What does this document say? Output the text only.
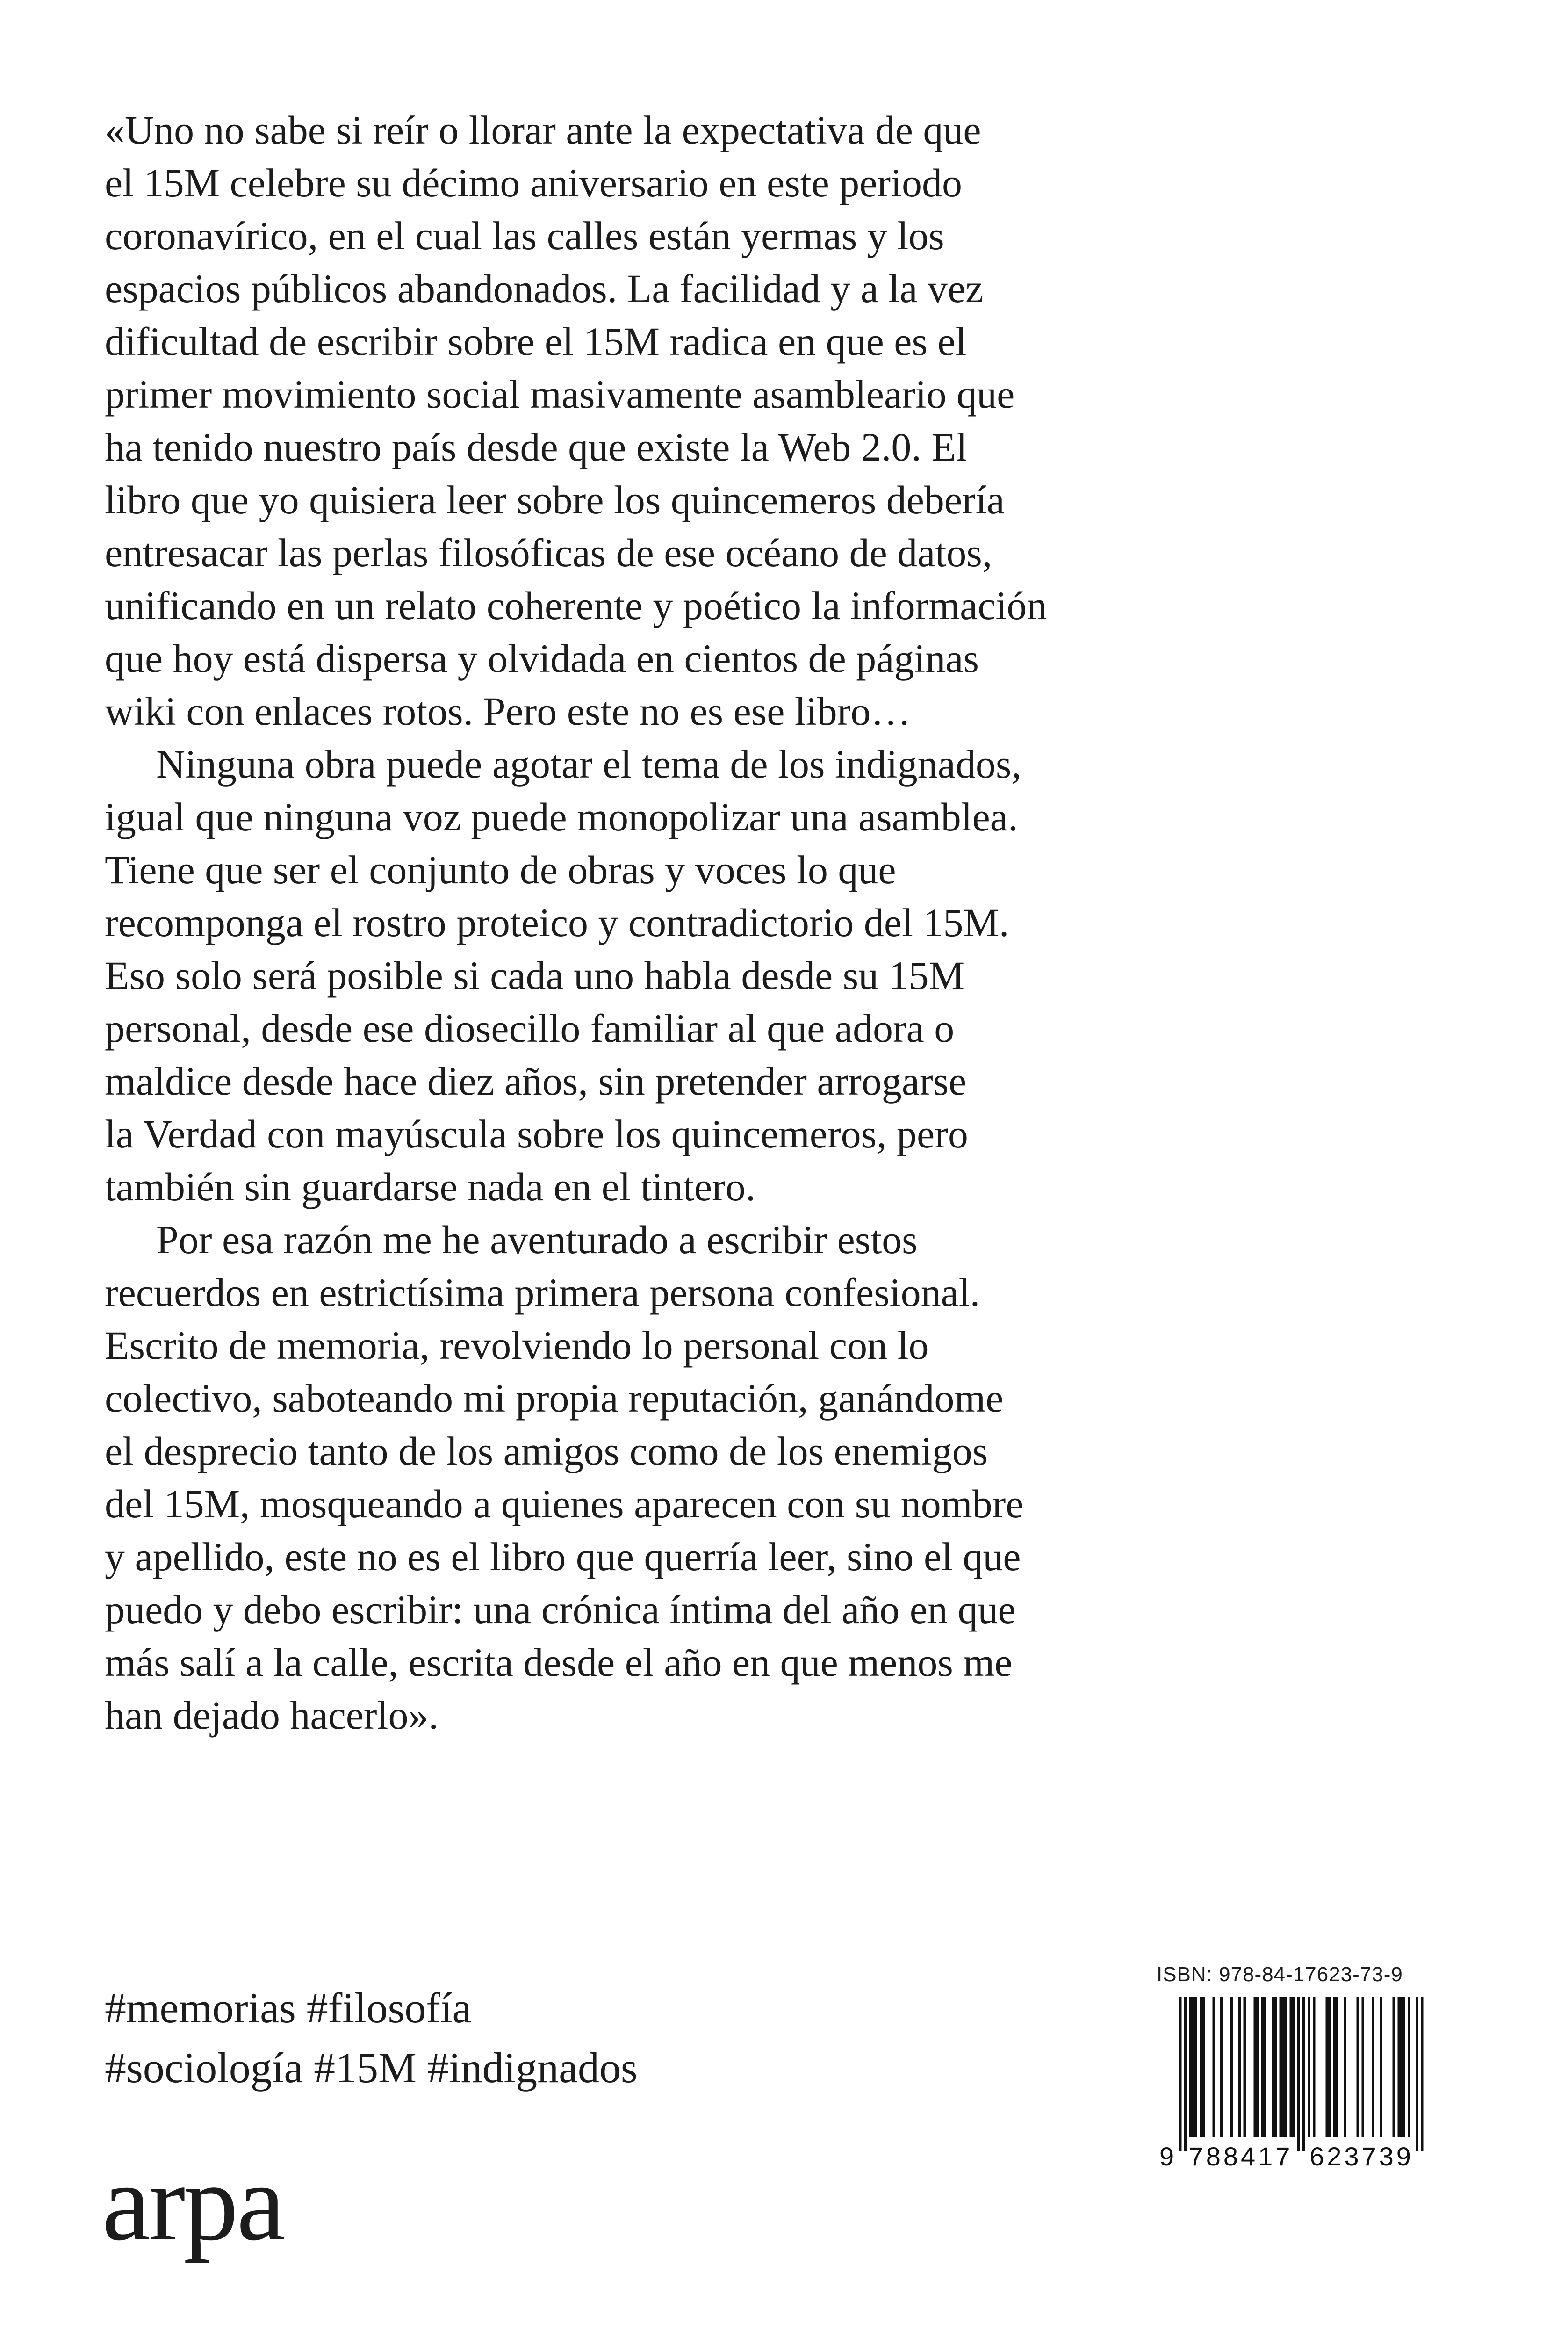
«Uno no sabe si reír o llorar ante la expectativa de que
el 15M celebre su décimo aniversario en este periodo
coronavírico, en el cual las calles están yermas y los
espacios públicos abandonados. La facilidad y a la vez
dificultad de escribir sobre el 15M radica en que es el
primer movimiento social masivamente asambleario que
ha tenido nuestro país desde que existe la Web 2.0. El
libro que yo quisiera leer sobre los quincemeros debería
entresacar las perlas filosóficas de ese océano de datos,
unificando en un relato coherente y poético la información
que hoy está dispersa y olvidada en cientos de páginas
wiki con enlaces rotos. Pero este no es ese libro…
Ninguna obra puede agotar el tema de los indignados,
igual que ninguna voz puede monopolizar una asamblea.
Tiene que ser el conjunto de obras y voces lo que
recomponga el rostro proteico y contradictorio del 15M.
Eso solo será posible si cada uno habla desde su 15M
personal, desde ese diosecillo familiar al que adora o
maldice desde hace diez años, sin pretender arrogarse
la Verdad con mayúscula sobre los quincemeros, pero
también sin guardarse nada en el tintero.
Por esa razón me he aventurado a escribir estos
recuerdos en estrictísima primera persona confesional.
Escrito de memoria, revolviendo lo personal con lo
colectivo, saboteando mi propia reputación, ganándome
el desprecio tanto de los amigos como de los enemigos
del 15M, mosqueando a quienes aparecen con su nombre
y apellido, este no es el libro que querría leer, sino el que
puedo y debo escribir: una crónica íntima del año en que
más salí a la calle, escrita desde el año en que menos me
han dejado hacerlo».
#memorias #filosofía
#sociología #15M #indignados
arpa
ISBN: 978-84-17623-73-9
9 788417 623739
